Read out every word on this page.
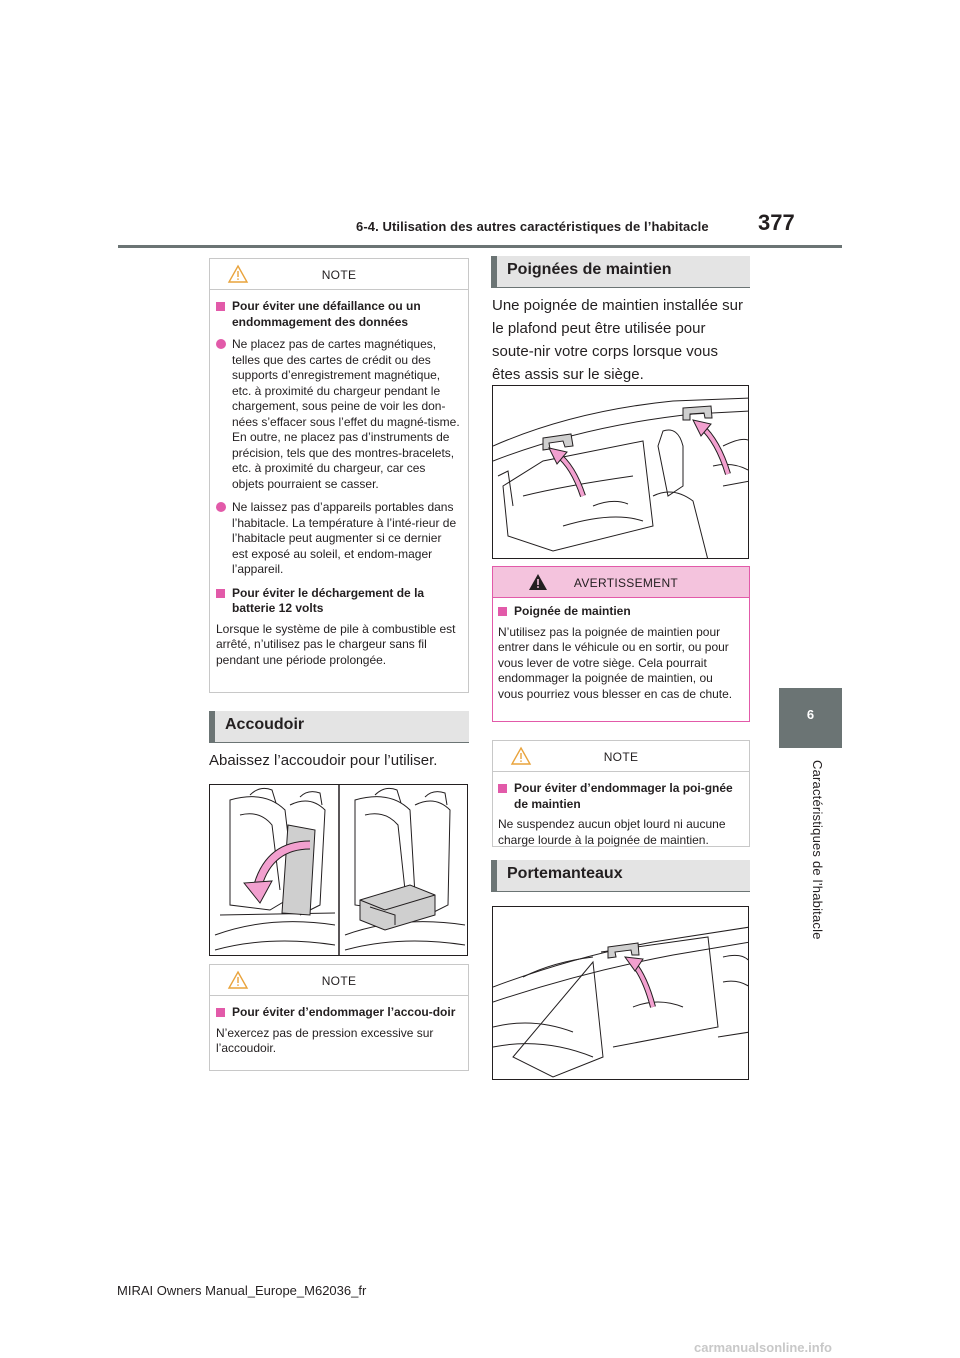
6-4. Utilisation des autres caractéristiques de l’habitacle 377
6
Caractéristiques de l’habitacle
NOTE
Pour éviter une défaillance ou un endommagement des données
Ne placez pas de cartes magnétiques, telles que des cartes de crédit ou des supports d’enregistrement magnétique, etc. à proximité du chargeur pendant le chargement, sous peine de voir les don-nées s’effacer sous l’effet du magné-tisme. En outre, ne placez pas d’instruments de précision, tels que des montres-bracelets, etc. à proximité du chargeur, car ces objets pourraient se casser.
Ne laissez pas d’appareils portables dans l’habitacle. La température à l’inté-rieur de l’habitacle peut augmenter si ce dernier est exposé au soleil, et endom-mager l’appareil.
Pour éviter le déchargement de la batterie 12 volts
Lorsque le système de pile à combustible est arrêté, n’utilisez pas le chargeur sans fil pendant une période prolongée.
Accoudoir
Abaissez l’accoudoir pour l’utiliser.
NOTE
Pour éviter d’endommager l’accou-doir
N’exercez pas de pression excessive sur l’accoudoir.
Poignées de maintien
Une poignée de maintien installée sur le plafond peut être utilisée pour soute-nir votre corps lorsque vous êtes assis sur le siège.
AVERTISSEMENT
Poignée de maintien
N’utilisez pas la poignée de maintien pour entrer dans le véhicule ou en sortir, ou pour vous lever de votre siège. Cela pourrait endommager la poignée de maintien, ou vous pourriez vous blesser en cas de chute.
NOTE
Pour éviter d’endommager la poi-gnée de maintien
Ne suspendez aucun objet lourd ni aucune charge lourde à la poignée de maintien.
Portemanteaux
MIRAI Owners Manual_Europe_M62036_fr
carmanualsonline.info
